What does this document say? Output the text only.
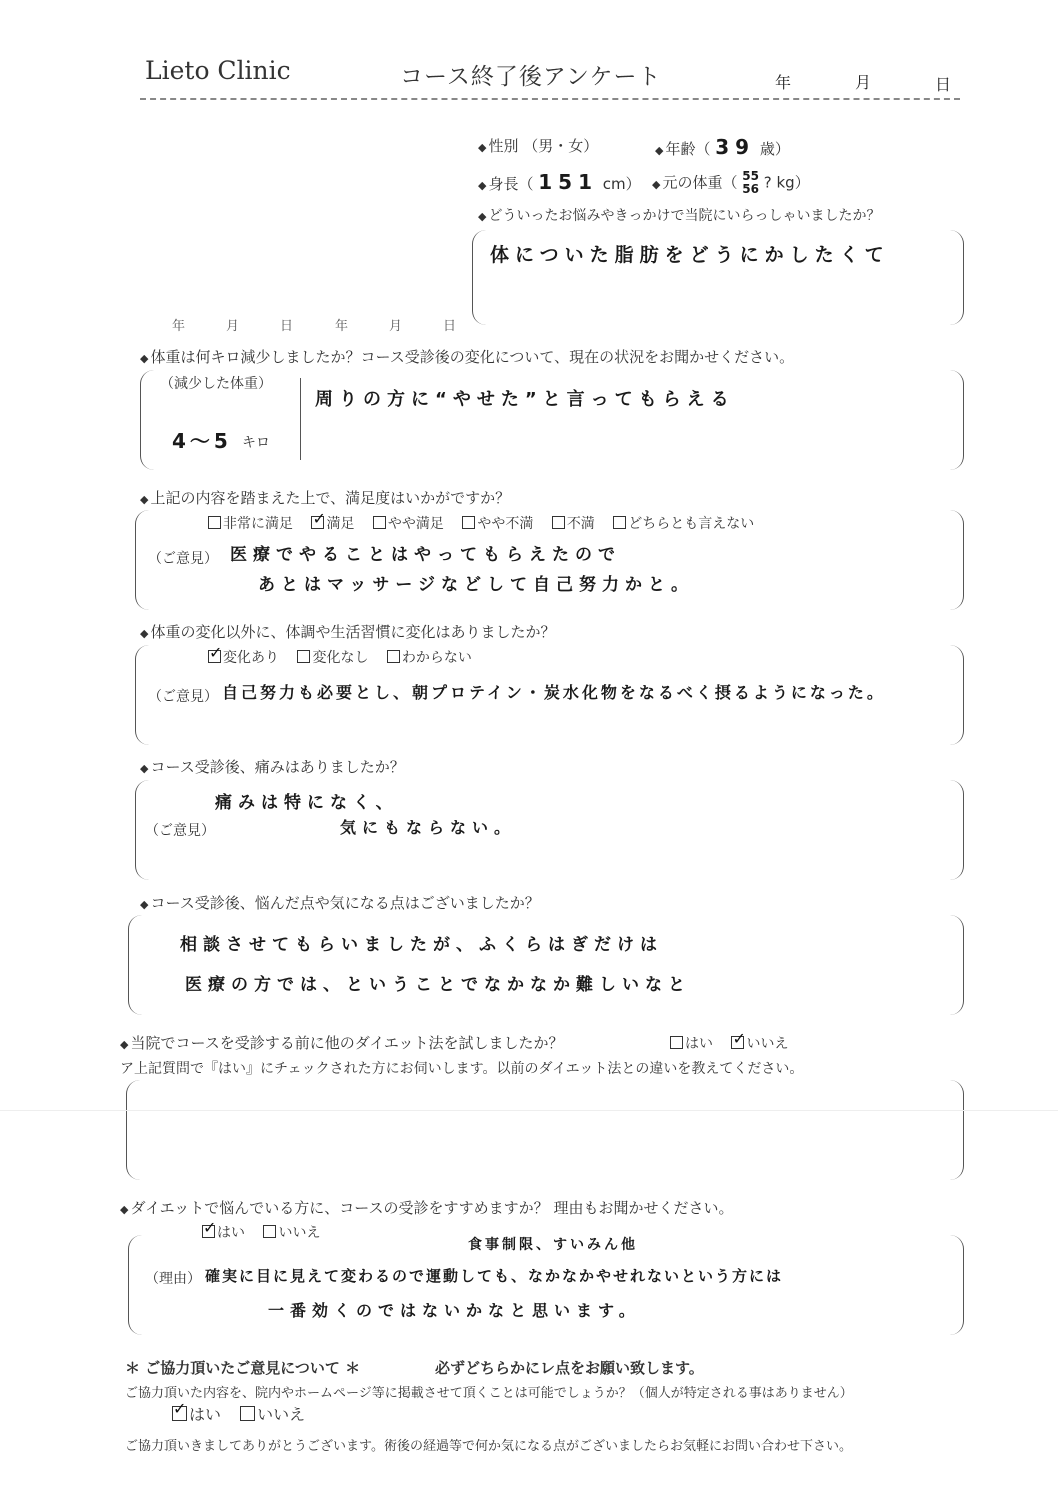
Lieto Clinic	コース終了後アンケート	年	月	日
年　月　日 年　月　日
◆ 性別 （男・女）	◆ 年齢（ 39 歳）
◆ 身長（ 151 cm） ◆ 元の体重（ 55
56 ? kg）
◆ どういったお悩みやきっかけで当院にいらっしゃいましたか？
体についた脂肪をどうにかしたくて
◆ 体重は何キロ減少しましたか？コース受診後の変化について、現在の状況をお聞かせください。
（減少した体重）
4〜5 キロ
周りの方に“やせた”と言ってもらえる
◆ 上記の内容を踏まえた上で、満足度はいかがですか？
非常に満足 ✓ 満足 やや満足 やや不満 不満 どちらとも言えない
（ご意見） 医療でやることはやってもらえたので
あとはマッサージなどして自己努力かと。
◆ 体重の変化以外に、体調や生活習慣に変化はありましたか？
✓変化あり 変化なし わからない
（ご意見） 自己努力も必要とし、朝プロテイン・炭水化物をなるべく摂るようになった。
◆ コース受診後、痛みはありましたか？
（ご意見）
痛みは特になく、
気にもならない。
◆ コース受診後、悩んだ点や気になる点はございましたか？
相談させてもらいましたが、ふくらはぎだけは
医療の方では、ということでなかなか難しいなと
◆ 当院でコースを受診する前に他のダイエット法を試しましたか？	はい ✓ いいえ
ア上記質問で『はい』にチェックされた方にお伺いします。以前のダイエット法との違いを教えてください。
◆ ダイエットで悩んでいる方に、コースの受診をすすめますか？ 理由もお聞かせください。
✓はい いいえ
（理由）
食事制限、すいみん他
確実に目に見えて変わるので運動しても、なかなかやせれないという方には
一番効くのではないかなと思います。
＊ ご協力頂いたご意見について ＊	必ずどちらかにレ点をお願い致します。
ご協力頂いた内容を、院内やホームページ等に掲載させて頂くことは可能でしょうか？（個人が特定される事はありません）
✓はい いいえ
ご協力頂いきましてありがとうございます。術後の経過等で何か気になる点がございましたらお気軽にお問い合わせ下さい。
